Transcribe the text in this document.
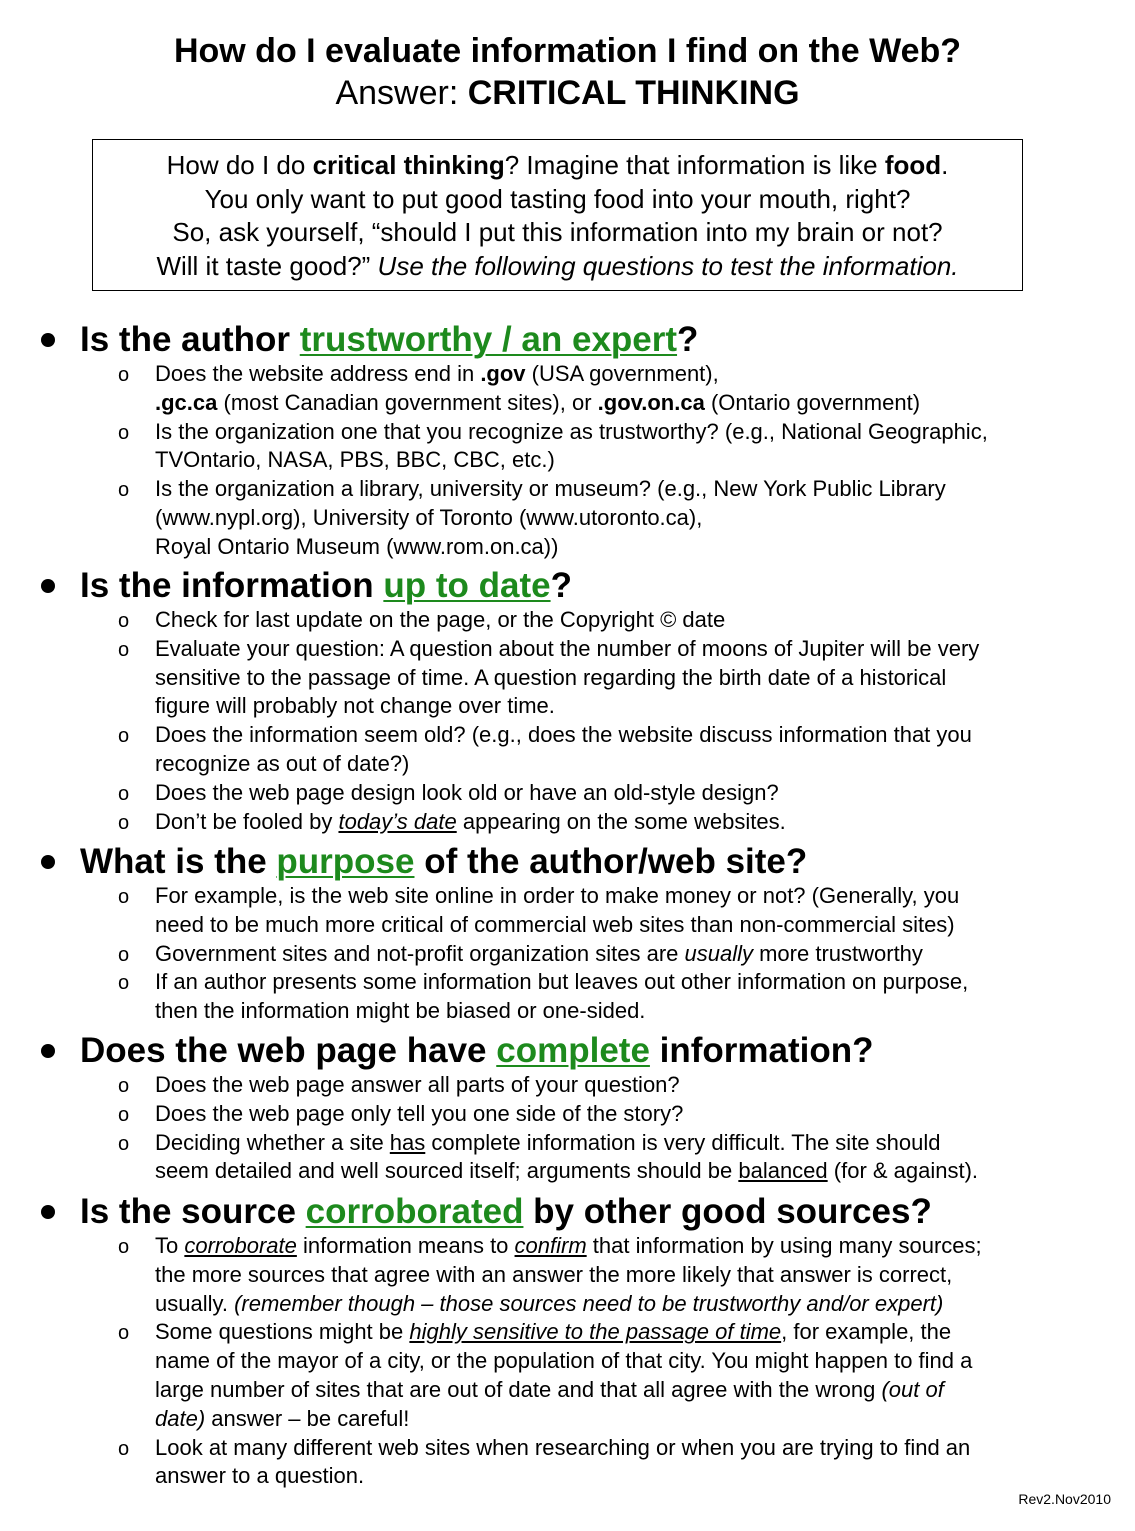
How do I evaluate information I find on the Web?
Answer: CRITICAL THINKING

How do I do critical thinking? Imagine that information is like food.

You only want to put good tasting food into your mouth, right?

So, ask yourself, “should I put this information into my brain or not?

Will it taste good?” Use the following questions to test the information.

Is the author trustworthy / an expert?
o Does the website address end in .gov (USA government),
.gc.ca (most Canadian government sites), or .gov.on.ca (Ontario government)
o Is the organization one that you recognize as trustworthy? (e.g., National Geographic,
TVOntario, NASA, PBS, BBC, CBC, etc.)
o Is the organization a library, university or museum? (e.g., New York Public Library
(www.nypl.org), University of Toronto (www.utoronto.ca),
Royal Ontario Museum (www.rom.on.ca))
Is the information up to date?
o Check for last update on the page, or the Copyright © date
o Evaluate your question: A question about the number of moons of Jupiter will be very
sensitive to the passage of time. A question regarding the birth date of a historical
figure will probably not change over time.
o Does the information seem old? (e.g., does the website discuss information that you
recognize as out of date?)
o Does the web page design look old or have an old-style design?
o Don’t be fooled by today’s date appearing on the some websites.
What is the purpose of the author/web site?
o For example, is the web site online in order to make money or not? (Generally, you
need to be much more critical of commercial web sites than non-commercial sites)
o Government sites and not-profit organization sites are usually more trustworthy
o If an author presents some information but leaves out other information on purpose,
then the information might be biased or one-sided.
Does the web page have complete information?
o Does the web page answer all parts of your question?
o Does the web page only tell you one side of the story?
o Deciding whether a site has complete information is very difficult. The site should
seem detailed and well sourced itself; arguments should be balanced (for & against).
Is the source corroborated by other good sources?
o To corroborate information means to confirm that information by using many sources;
the more sources that agree with an answer the more likely that answer is correct,
usually. (remember though – those sources need to be trustworthy and/or expert)
o Some questions might be highly sensitive to the passage of time, for example, the
name of the mayor of a city, or the population of that city. You might happen to find a
large number of sites that are out of date and that all agree with the wrong (out of
date) answer – be careful!
o Look at many different web sites when researching or when you are trying to find an
answer to a question.
Rev2.Nov2010
